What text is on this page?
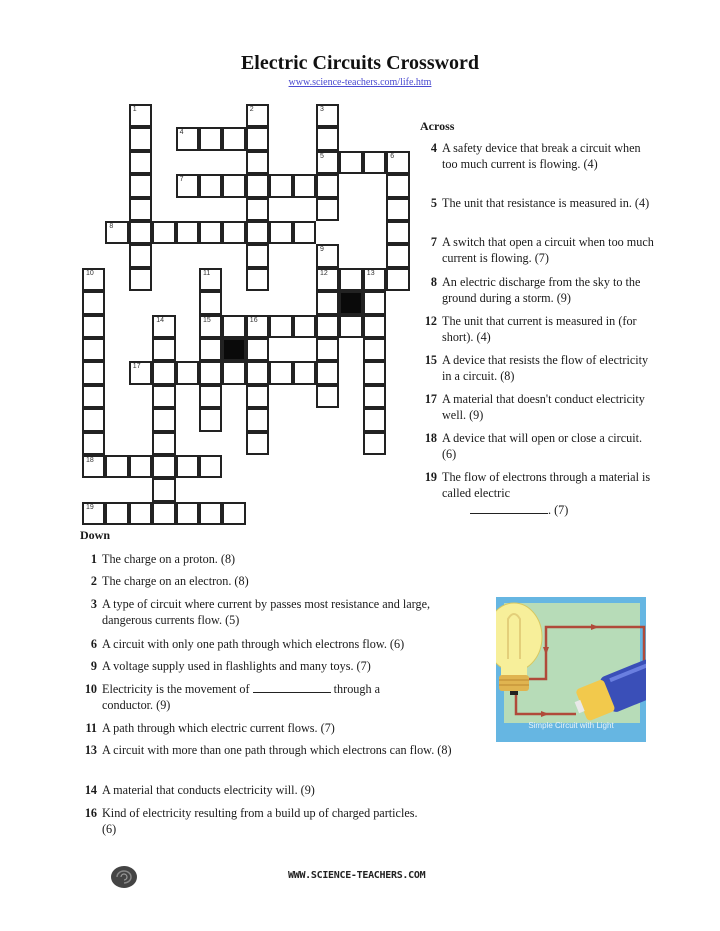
Electric Circuits Crossword
www.science-teachers.com/life.htm
1	2	3
5
4
6
7
8
9
12
10
18
11
15
13
14	16
17
19
Across
4 A safety device that break a circuit when too much current is flowing. (4)
5 The unit that resistance is measured in. (4)
7 A switch that open a circuit when too much current is flowing. (7)
8 An electric discharge from the sky to the ground during a storm. (9)
12 The unit that current is measured in (for short). (4)
15 A device that resists the flow of electricity in a circuit. (8)
17 A material that doesn't conduct electricity well. (9)
18 A device that will open or close a circuit. (6)
19 The flow of electrons through a material is called electric
. (7)
Down
1 The charge on a proton. (8)
2 The charge on an electron. (8)
3 A type of circuit where current by passes most resistance and large, dangerous currents flow. (5)
6 A circuit with only one path through which electrons flow. (6)
9 A voltage supply used in flashlights and many toys. (7)
10 Electricity is the movement of	through a conductor. (9)
11 A path through which electric current flows. (7)
13 A circuit with more than one path through which electrons can flow. (8)
14 A material that conducts electricity will. (9)
16 Kind of electricity resulting from a build up of charged particles. (6)
Simple Circuit with Light
WWW.SCIENCE-TEACHERS.COM
